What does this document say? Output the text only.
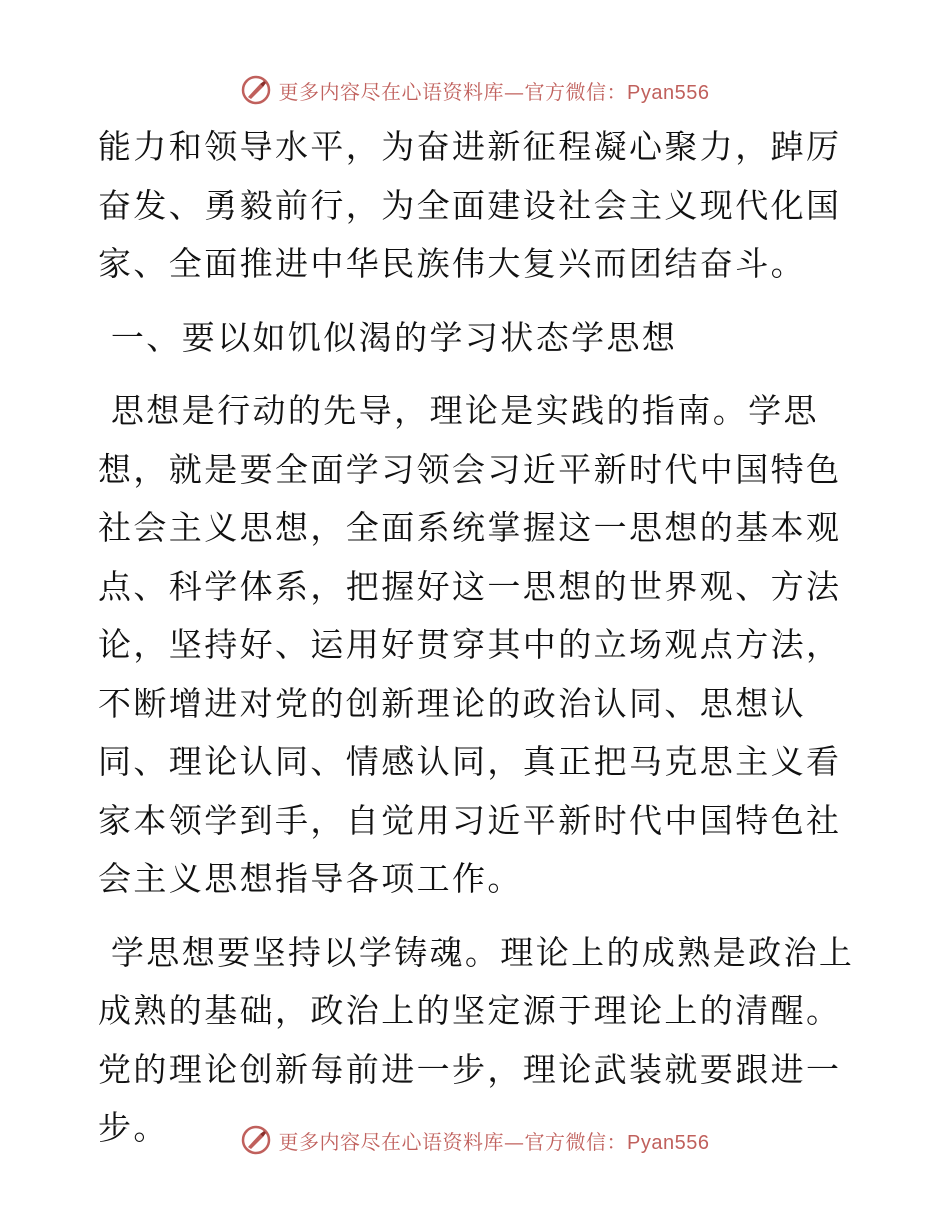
更多内容尽在心语资料库—官方微信：Pyan556

能力和领导水平，为奋进新征程凝心聚力，踔厉奋发、勇毅前行，为全面建设社会主义现代化国家、全面推进中华民族伟大复兴而团结奋斗。

一、要以如饥似渴的学习状态学思想

思想是行动的先导，理论是实践的指南。学思想，就是要全面学习领会习近平新时代中国特色社会主义思想，全面系统掌握这一思想的基本观点、科学体系，把握好这一思想的世界观、方法论，坚持好、运用好贯穿其中的立场观点方法，不断增进对党的创新理论的政治认同、思想认同、理论认同、情感认同，真正把马克思主义看家本领学到手，自觉用习近平新时代中国特色社会主义思想指导各项工作。

学思想要坚持以学铸魂。理论上的成熟是政治上成熟的基础，政治上的坚定源于理论上的清醒。党的理论创新每前进一步，理论武装就要跟进一步。	更多内容尽在心语资料库—官方微信：Pyan556
